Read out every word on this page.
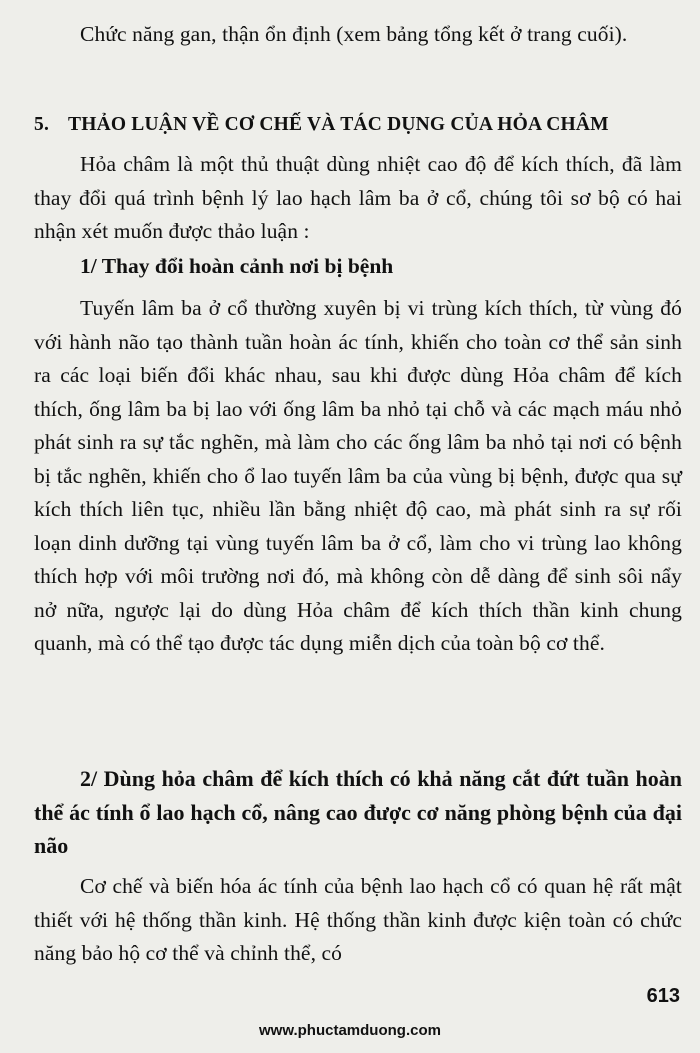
Chức năng gan, thận ổn định (xem bảng tổng kết ở trang cuối).

5. THẢO LUẬN VỀ CƠ CHẾ VÀ TÁC DỤNG CỦA HỎA CHÂM

Hỏa châm là một thủ thuật dùng nhiệt cao độ để kích thích, đã làm thay đổi quá trình bệnh lý lao hạch lâm ba ở cổ, chúng tôi sơ bộ có hai nhận xét muốn được thảo luận :

1/ Thay đổi hoàn cảnh nơi bị bệnh

Tuyến lâm ba ở cổ thường xuyên bị vi trùng kích thích, từ vùng đó với hành não tạo thành tuần hoàn ác tính, khiến cho toàn cơ thể sản sinh ra các loại biến đổi khác nhau, sau khi được dùng Hỏa châm để kích thích, ống lâm ba bị lao với ống lâm ba nhỏ tại chỗ và các mạch máu nhỏ phát sinh ra sự tắc nghẽn, mà làm cho các ống lâm ba nhỏ tại nơi có bệnh bị tắc nghẽn, khiến cho ổ lao tuyến lâm ba của vùng bị bệnh, được qua sự kích thích liên tục, nhiều lần bằng nhiệt độ cao, mà phát sinh ra sự rối loạn dinh dưỡng tại vùng tuyến lâm ba ở cổ, làm cho vi trùng lao không thích hợp với môi trường nơi đó, mà không còn dễ dàng để sinh sôi nẩy nở nữa, ngược lại do dùng Hỏa châm để kích thích thần kinh chung quanh, mà có thể tạo được tác dụng miễn dịch của toàn bộ cơ thể.

2/ Dùng hỏa châm để kích thích có khả năng cắt đứt tuần hoàn thể ác tính ổ lao hạch cổ, nâng cao được cơ năng phòng bệnh của đại não

Cơ chế và biến hóa ác tính của bệnh lao hạch cổ có quan hệ rất mật thiết với hệ thống thần kinh. Hệ thống thần kinh được kiện toàn có chức năng bảo hộ cơ thể và chỉnh thể, có

613
www.phuctamduong.com
